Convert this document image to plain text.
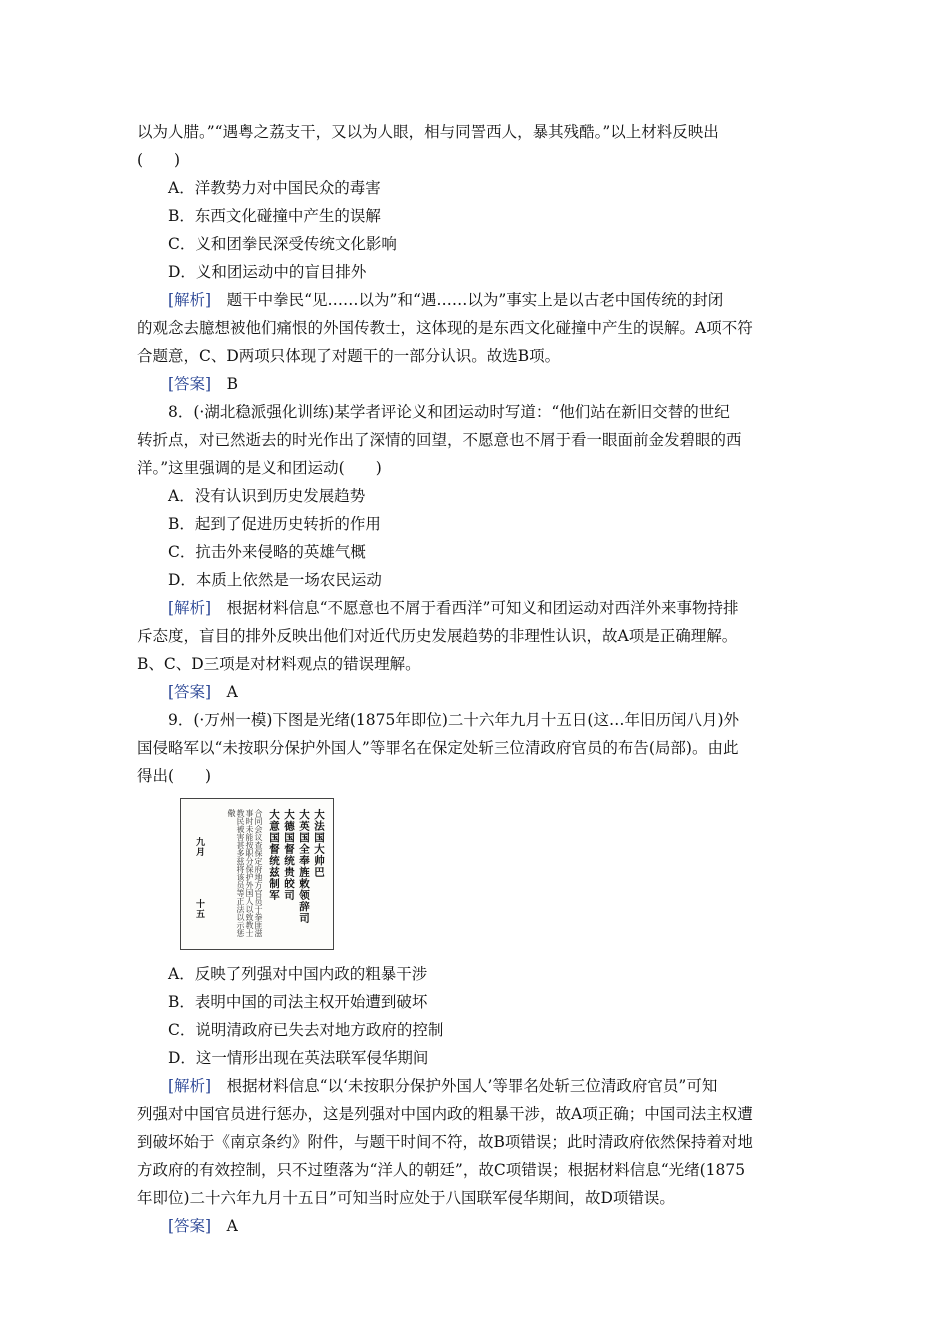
以为人腊。”“遇粤之荔支干，又以为人眼，相与同詈西人，暴其残酷。”以上材料反映出
(　　)
A．洋教势力对中国民众的毒害
B．东西文化碰撞中产生的误解
C．义和团拳民深受传统文化影响
D．义和团运动中的盲目排外
[解析]　题干中拳民“见……以为”和“遇……以为”事实上是以古老中国传统的封闭
的观念去臆想被他们痛恨的外国传教士，这体现的是东西文化碰撞中产生的误解。A项不符
合题意，C、D两项只体现了对题干的一部分认识。故选B项。
[答案]　B
8．(·湖北稳派强化训练)某学者评论义和团运动时写道：“他们站在新旧交替的世纪
转折点，对已然逝去的时光作出了深情的回望，不愿意也不屑于看一眼面前金发碧眼的西
洋。”这里强调的是义和团运动(　　)
A．没有认识到历史发展趋势
B．起到了促进历史转折的作用
C．抗击外来侵略的英雄气概
D．本质上依然是一场农民运动
[解析]　根据材料信息“不愿意也不屑于看西洋”可知义和团运动对西洋外来事物持排
斥态度，盲目的排外反映出他们对近代历史发展趋势的非理性认识，故A项是正确理解。
B、C、D三项是对材料观点的错误理解。
[答案]　A
9．(·万州一模)下图是光绪(1875年即位)二十六年九月十五日(这…年旧历闰八月)外
国侵略军以“未按职分保护外国人”等罪名在保定处斩三位清政府官员的布告(局部)。由此
得出(　　)
大法国大帅巴
大英国全奉旌敕领辞司
大德国督统贵皎司
大意国督统兹制军
合同会议查保定府地方官员于拳匪滋事时未能按职分保护外国人以致教士教民被害甚多兹将该员等正法以示惩儆
九月
十五
A．反映了列强对中国内政的粗暴干涉
B．表明中国的司法主权开始遭到破坏
C．说明清政府已失去对地方政府的控制
D．这一情形出现在英法联军侵华期间
[解析]　根据材料信息“以‘未按职分保护外国人’等罪名处斩三位清政府官员”可知
列强对中国官员进行惩办，这是列强对中国内政的粗暴干涉，故A项正确；中国司法主权遭
到破坏始于《南京条约》附件，与题干时间不符，故B项错误；此时清政府依然保持着对地
方政府的有效控制，只不过堕落为“洋人的朝廷”，故C项错误；根据材料信息“光绪(1875
年即位)二十六年九月十五日”可知当时应处于八国联军侵华期间，故D项错误。
[答案]　A
